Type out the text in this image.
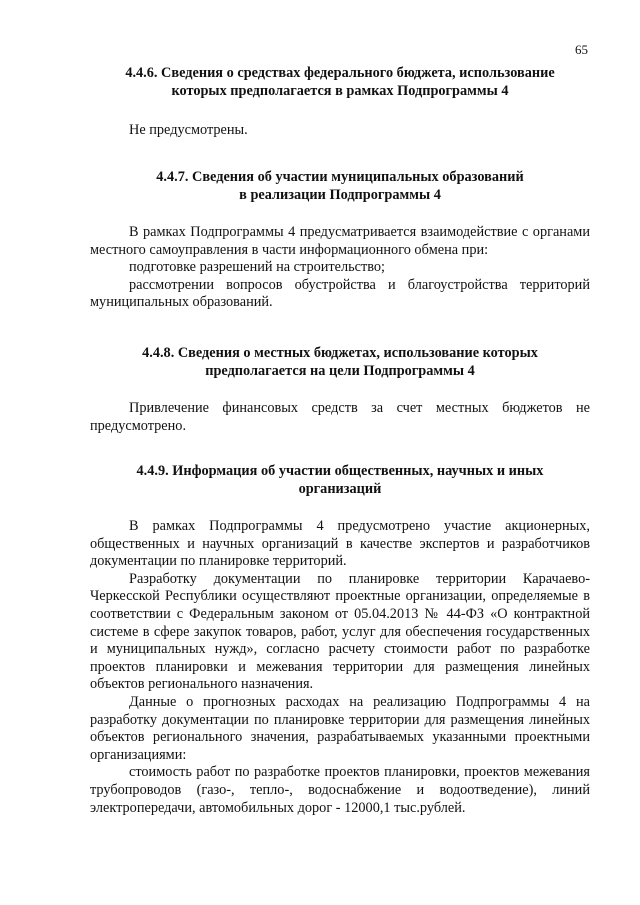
65
4.4.6. Сведения о средствах федерального бюджета, использование
которых предполагается в рамках Подпрограммы 4

Не предусмотрены.

4.4.7. Сведения об участии муниципальных образований
в реализации Подпрограммы 4

В рамках Подпрограммы 4 предусматривается взаимодействие с органами местного самоуправления в части информационного обмена при:

подготовке разрешений на строительство;

рассмотрении вопросов обустройства и благоустройства территорий муниципальных образований.

4.4.8. Сведения о местных бюджетах, использование которых
предполагается на цели Подпрограммы 4

Привлечение финансовых средств за счет местных бюджетов не предусмотрено.

4.4.9. Информация об участии общественных, научных и иных
организаций

В рамках Подпрограммы 4 предусмотрено участие акционерных, общественных и научных организаций в качестве экспертов и разработчиков документации по планировке территорий.

Разработку документации по планировке территории Карачаево-Черкесской Республики осуществляют проектные организации, определяемые в соответствии с Федеральным законом от 05.04.2013 № 44-ФЗ «О контрактной системе в сфере закупок товаров, работ, услуг для обеспечения государственных и муниципальных нужд», согласно расчету стоимости работ по разработке проектов планировки и межевания территории для размещения линейных объектов регионального назначения.

Данные о прогнозных расходах на реализацию Подпрограммы 4 на разработку документации по планировке территории для размещения линейных объектов регионального значения, разрабатываемых указанными проектными организациями:

стоимость работ по разработке проектов планировки, проектов межевания трубопроводов (газо-, тепло-, водоснабжение и водоотведение), линий электропередачи, автомобильных дорог - 12000,1 тыс.рублей.
